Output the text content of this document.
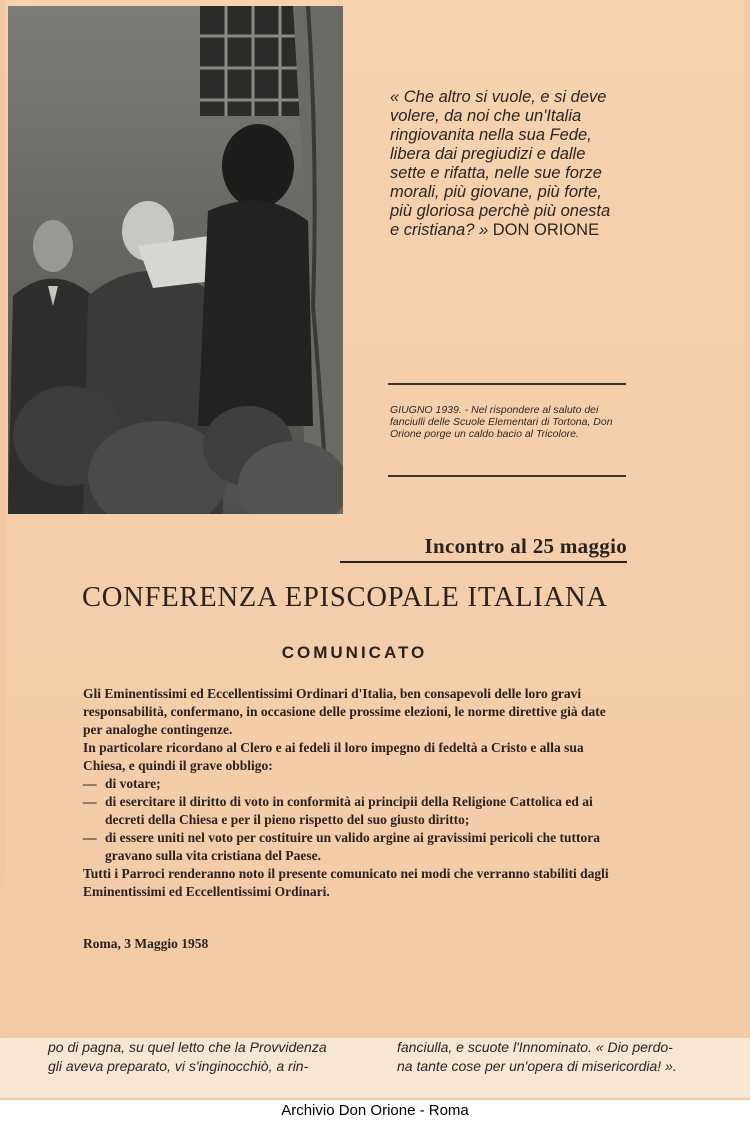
« Che altro si vuole, e si deve
volere, da noi che un'Italia
ringiovanita nella sua Fede,
libera dai pregiudizi e dalle
sette e rifatta, nelle sue forze
morali, più giovane, più forte,
più gloriosa perchè più onesta
e cristiana? » DON ORIONE
GIUGNO 1939. - Nel rispondere al saluto dei fanciulli delle Scuole Elementari di Tortona, Don Orione porge un caldo bacio al Tricolore.
Incontro al 25 maggio
CONFERENZA EPISCOPALE ITALIANA
COMUNICATO

Gli Eminentissimi ed Eccellentissimi Ordinari d'Italia, ben consapevoli delle loro gravi responsabilità, confermano, in occasione delle prossime elezioni, le norme direttive già date per analoghe contingenze.

In particolare ricordano al Clero e ai fedeli il loro impegno di fedeltà a Cristo e alla sua Chiesa, e quindi il grave obbligo:

— di votare;
— di esercitare il diritto di voto in conformità ai principii della Religione Cattolica ed ai decreti della Chiesa e per il pieno rispetto del suo giusto diritto;
— di essere uniti nel voto per costituire un valido argine ai gravissimi pericoli che tuttora gravano sulla vita cristiana del Paese.

Tutti i Parroci renderanno noto il presente comunicato nei modi che verranno stabiliti dagli Eminentissimi ed Eccellentissimi Ordinari.

Roma, 3 Maggio 1958
po di pagna, su quel letto che la Provvidenza
gli aveva preparato, vi s'inginocchiò, a rin-
fanciulla, e scuote l'Innominato. « Dio perdo-
na tante cose per un'opera di misericordia! ».
Archivio Don Orione - Roma
